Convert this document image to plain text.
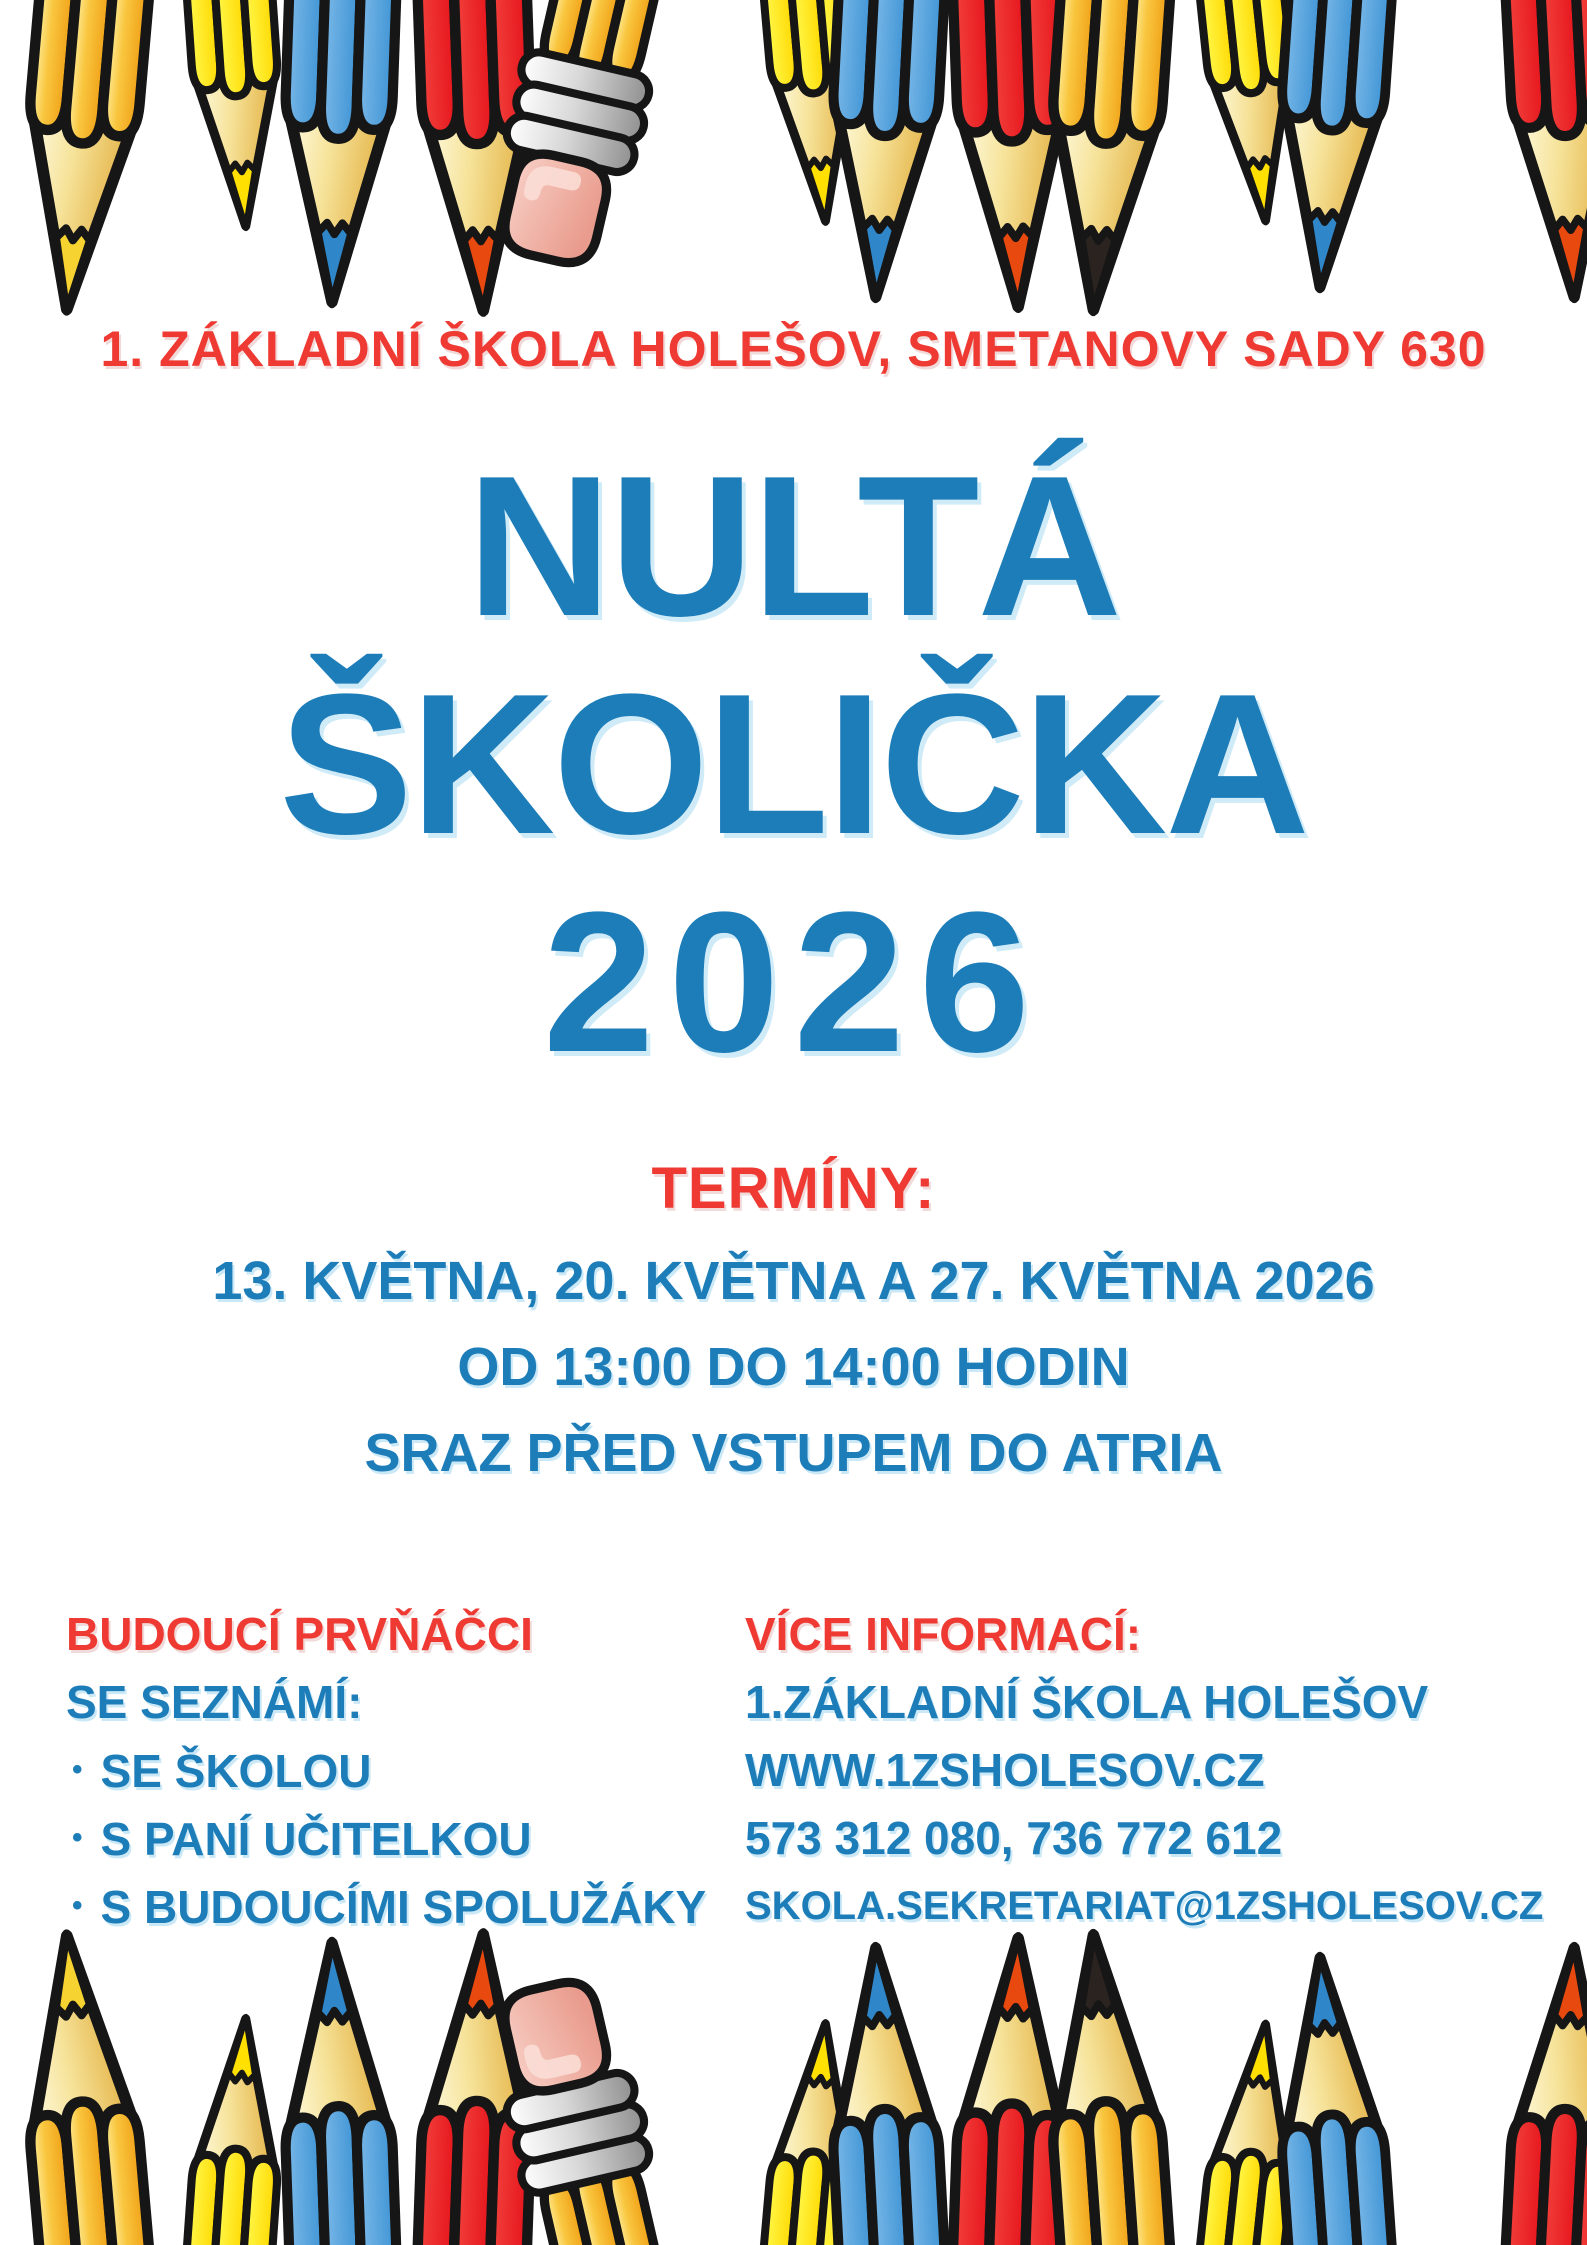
1. ZÁKLADNÍ ŠKOLA HOLEŠOV, SMETANOVY SADY 630
NULTÁ
ŠKOLIČKA
2026
TERMÍNY:
13. KVĚTNA, 20. KVĚTNA A 27. KVĚTNA 2026
OD 13:00 DO 14:00 HODIN
SRAZ PŘED VSTUPEM DO ATRIA
BUDOUCÍ PRVŇÁČCI
SE SEZNÁMÍ:
• SE ŠKOLOU
• S PANÍ UČITELKOU
• S BUDOUCÍMI SPOLUŽÁKY
VÍCE INFORMACÍ:
1.ZÁKLADNÍ ŠKOLA HOLEŠOV
WWW.1ZSHOLESOV.CZ
573 312 080, 736 772 612
SKOLA.SEKRETARIAT@1ZSHOLESOV.CZ
